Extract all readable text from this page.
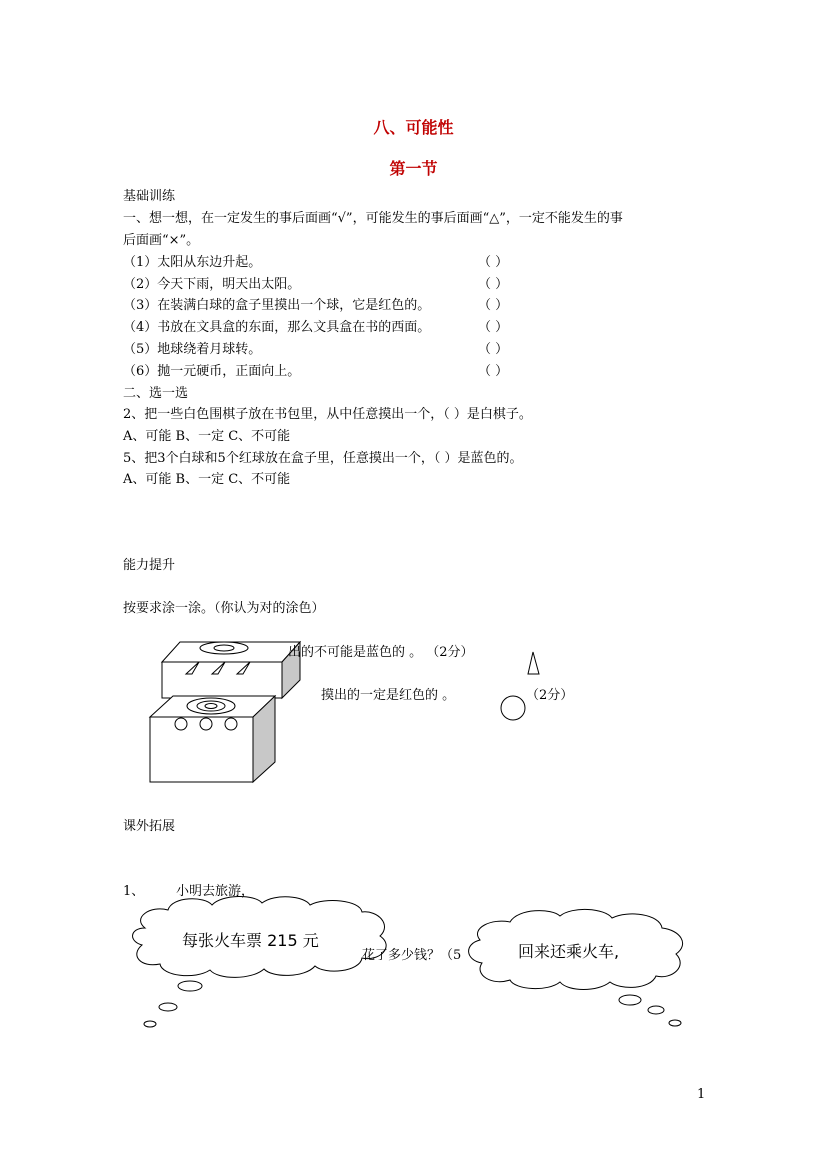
八、可能性
第一节
基础训练
一、想一想，在一定发生的事后面画“√”，可能发生的事后面画“△”，一定不能发生的事
后面画“×”。
（1）太阳从东边升起。
（2）今天下雨，明天出太阳。
（3）在装满白球的盒子里摸出一个球，它是红色的。
（4）书放在文具盒的东面，那么文具盒在书的西面。
（5）地球绕着月球转。
（6）抛一元硬币，正面向上。
（ ）
（ ）
（ ）
（ ）
（ ）
（ ）
二、选一选
2、把一些白色围棋子放在书包里，从中任意摸出一个，（ ）是白棋子。
A、可能 B、一定 C、不可能
5、把3个白球和5个红球放在盒子里，任意摸出一个，（ ）是蓝色的。
A、可能 B、一定 C、不可能
能力提升
按要求涂一涂。（你认为对的涂色）
出的不可能是蓝色的 。 （2分）
摸出的一定是红色的 。	（2分）
课外拓展
1、 小明去旅游，
花了多少钱？（5
每张火车票 215 元
回来还乘火车,
1
